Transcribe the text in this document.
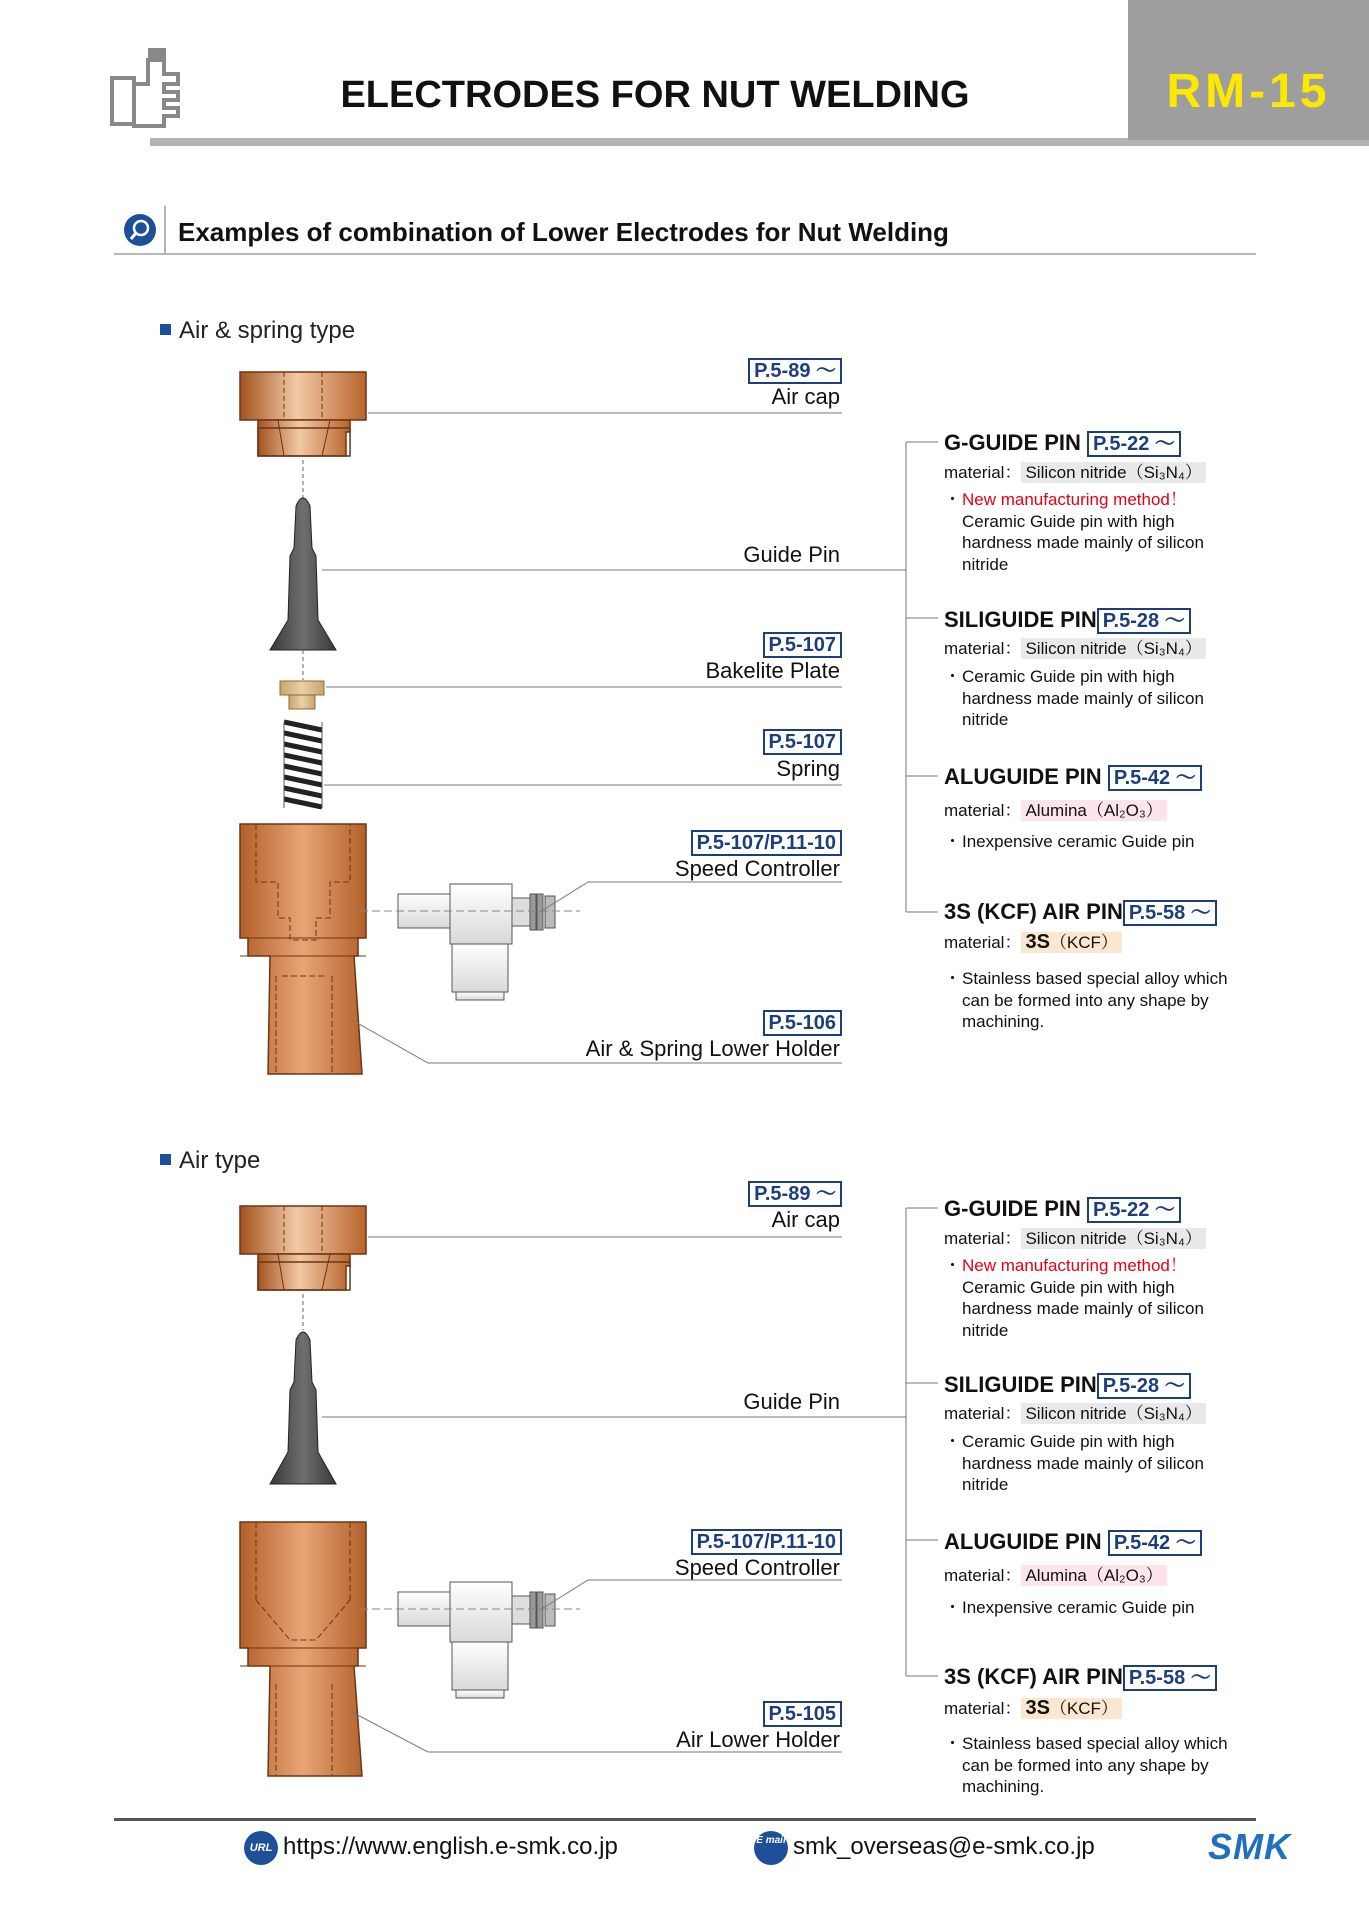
RM-15
ELECTRODES FOR NUT WELDING
Examples of combination of Lower Electrodes for Nut Welding
Air & spring type
P.5-89 ～
Air cap
Guide Pin
P.5-107
Bakelite Plate
P.5-107
Spring
P.5-107/P.11-10
Speed Controller
P.5-106
Air & Spring Lower Holder
Air type
P.5-89 ～
Air cap
Guide Pin
P.5-107/P.11-10
Speed Controller
P.5-105
Air Lower Holder
G-GUIDE PIN P.5-22 ～
material： Silicon nitride（Si₃N₄）
・New manufacturing method！
Ceramic Guide pin with high
hardness made mainly of silicon
nitride
SILIGUIDE PIN P.5-28 ～
material： Silicon nitride（Si₃N₄）
・Ceramic Guide pin with high
hardness made mainly of silicon
nitride
ALUGUIDE PIN P.5-42 ～
material： Alumina（Al₂O₃）
・Inexpensive ceramic Guide pin
3S (KCF) AIR PIN P.5-58 ～
material： 3S（KCF）
・Stainless based special alloy which
can be formed into any shape by
machining.
G-GUIDE PIN P.5-22 ～
material： Silicon nitride（Si₃N₄）
・New manufacturing method！
Ceramic Guide pin with high
hardness made mainly of silicon
nitride
SILIGUIDE PIN P.5-28 ～
material： Silicon nitride（Si₃N₄）
・Ceramic Guide pin with high
hardness made mainly of silicon
nitride
ALUGUIDE PIN P.5-42 ～
material： Alumina（Al₂O₃）
・Inexpensive ceramic Guide pin
3S (KCF) AIR PIN P.5-58 ～
material： 3S（KCF）
・Stainless based special alloy which
can be formed into any shape by
machining.
URL https://www.english.e-smk.co.jp	E mail smk_overseas@e-smk.co.jp	SMK
